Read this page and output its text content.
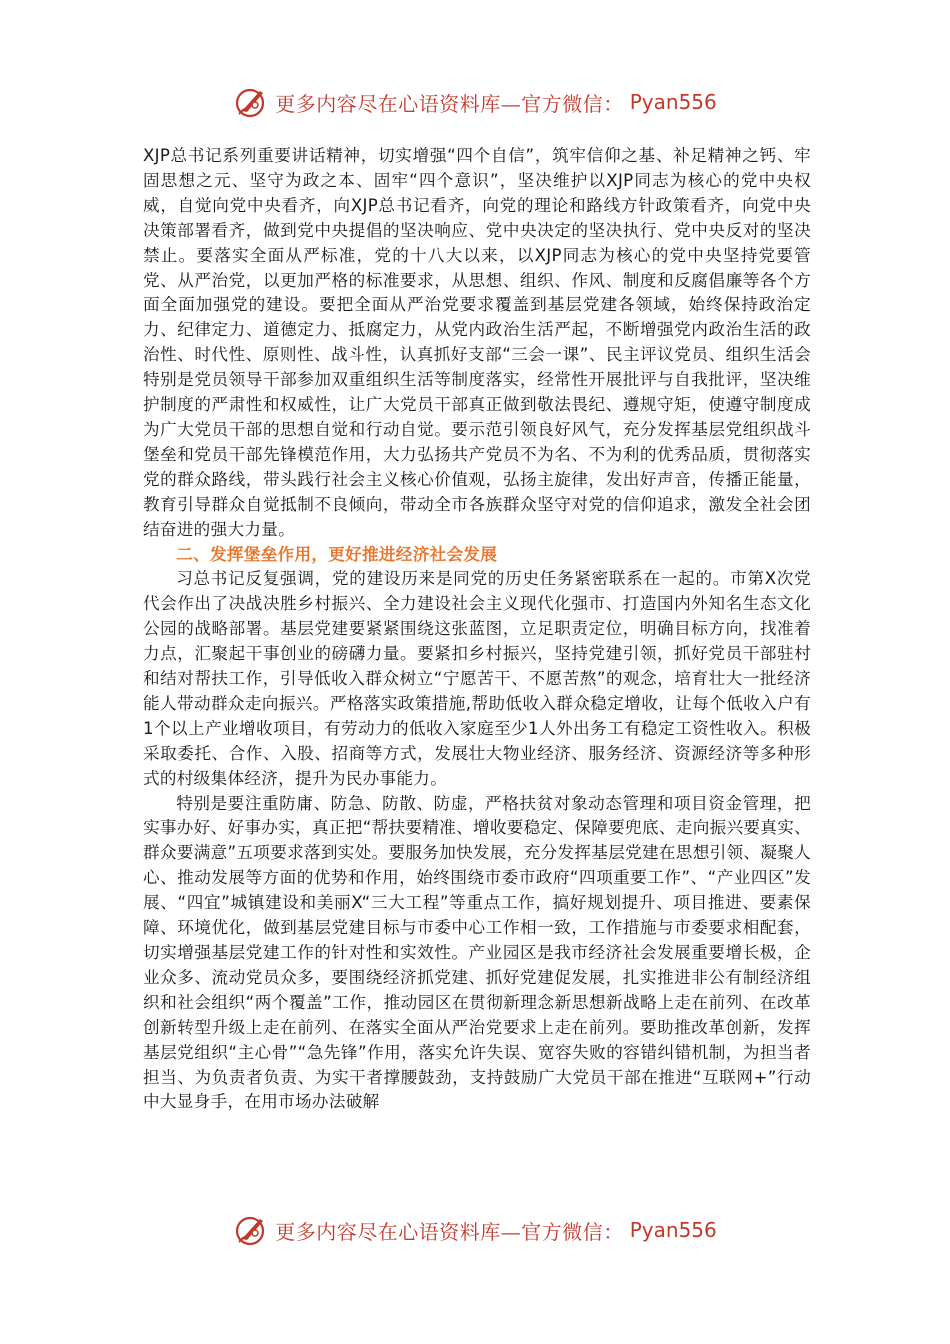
更多内容尽在心语资料库—官方微信： Pyan556

XJP总书记系列重要讲话精神，切实增强“四个自信”，筑牢信仰之基、补足精神之钙、牢固思想之元、坚守为政之本、固牢“四个意识”，坚决维护以XJP同志为核心的党中央权威，自觉向党中央看齐，向XJP总书记看齐，向党的理论和路线方针政策看齐，向党中央决策部署看齐，做到党中央提倡的坚决响应、党中央决定的坚决执行、党中央反对的坚决禁止。要落实全面从严标准，党的十八大以来，以XJP同志为核心的党中央坚持党要管党、从严治党，以更加严格的标准要求，从思想、组织、作风、制度和反腐倡廉等各个方面全面加强党的建设。要把全面从严治党要求覆盖到基层党建各领域，始终保持政治定力、纪律定力、道德定力、抵腐定力，从党内政治生活严起，不断增强党内政治生活的政治性、时代性、原则性、战斗性，认真抓好支部“三会一课”、民主评议党员、组织生活会特别是党员领导干部参加双重组织生活等制度落实，经常性开展批评与自我批评，坚决维护制度的严肃性和权威性，让广大党员干部真正做到敬法畏纪、遵规守矩，使遵守制度成为广大党员干部的思想自觉和行动自觉。要示范引领良好风气，充分发挥基层党组织战斗堡垒和党员干部先锋模范作用，大力弘扬共产党员不为名、不为利的优秀品质，贯彻落实党的群众路线，带头践行社会主义核心价值观，弘扬主旋律，发出好声音，传播正能量，教育引导群众自觉抵制不良倾向，带动全市各族群众坚守对党的信仰追求，激发全社会团结奋进的强大力量。

二、发挥堡垒作用，更好推进经济社会发展

习总书记反复强调，党的建设历来是同党的历史任务紧密联系在一起的。市第X次党代会作出了决战决胜乡村振兴、全力建设社会主义现代化强市、打造国内外知名生态文化公园的战略部署。基层党建要紧紧围绕这张蓝图，立足职责定位，明确目标方向，找准着力点，汇聚起干事创业的磅礴力量。要紧扣乡村振兴，坚持党建引领，抓好党员干部驻村和结对帮扶工作，引导低收入群众树立“宁愿苦干、不愿苦熬”的观念，培育壮大一批经济能人带动群众走向振兴。严格落实政策措施,帮助低收入群众稳定增收，让每个低收入户有1个以上产业增收项目，有劳动力的低收入家庭至少1人外出务工有稳定工资性收入。积极采取委托、合作、入股、招商等方式，发展壮大物业经济、服务经济、资源经济等多种形式的村级集体经济，提升为民办事能力。

特别是要注重防庸、防急、防散、防虚，严格扶贫对象动态管理和项目资金管理，把实事办好、好事办实，真正把“帮扶要精准、增收要稳定、保障要兜底、走向振兴要真实、群众要满意”五项要求落到实处。要服务加快发展，充分发挥基层党建在思想引领、凝聚人心、推动发展等方面的优势和作用，始终围绕市委市政府“四项重要工作”、“产业四区”发展、“四宜”城镇建设和美丽X“三大工程”等重点工作，搞好规划提升、项目推进、要素保障、环境优化，做到基层党建目标与市委中心工作相一致，工作措施与市委要求相配套，切实增强基层党建工作的针对性和实效性。产业园区是我市经济社会发展重要增长极，企业众多、流动党员众多，要围绕经济抓党建、抓好党建促发展，扎实推进非公有制经济组织和社会组织“两个覆盖”工作，推动园区在贯彻新理念新思想新战略上走在前列、在改革创新转型升级上走在前列、在落实全面从严治党要求上走在前列。要助推改革创新，发挥基层党组织“主心骨”“急先锋”作用，落实允许失误、宽容失败的容错纠错机制，为担当者担当、为负责者负责、为实干者撑腰鼓劲，支持鼓励广大党员干部在推进“互联网+”行动中大显身手，在用市场办法破解

更多内容尽在心语资料库—官方微信： Pyan556
